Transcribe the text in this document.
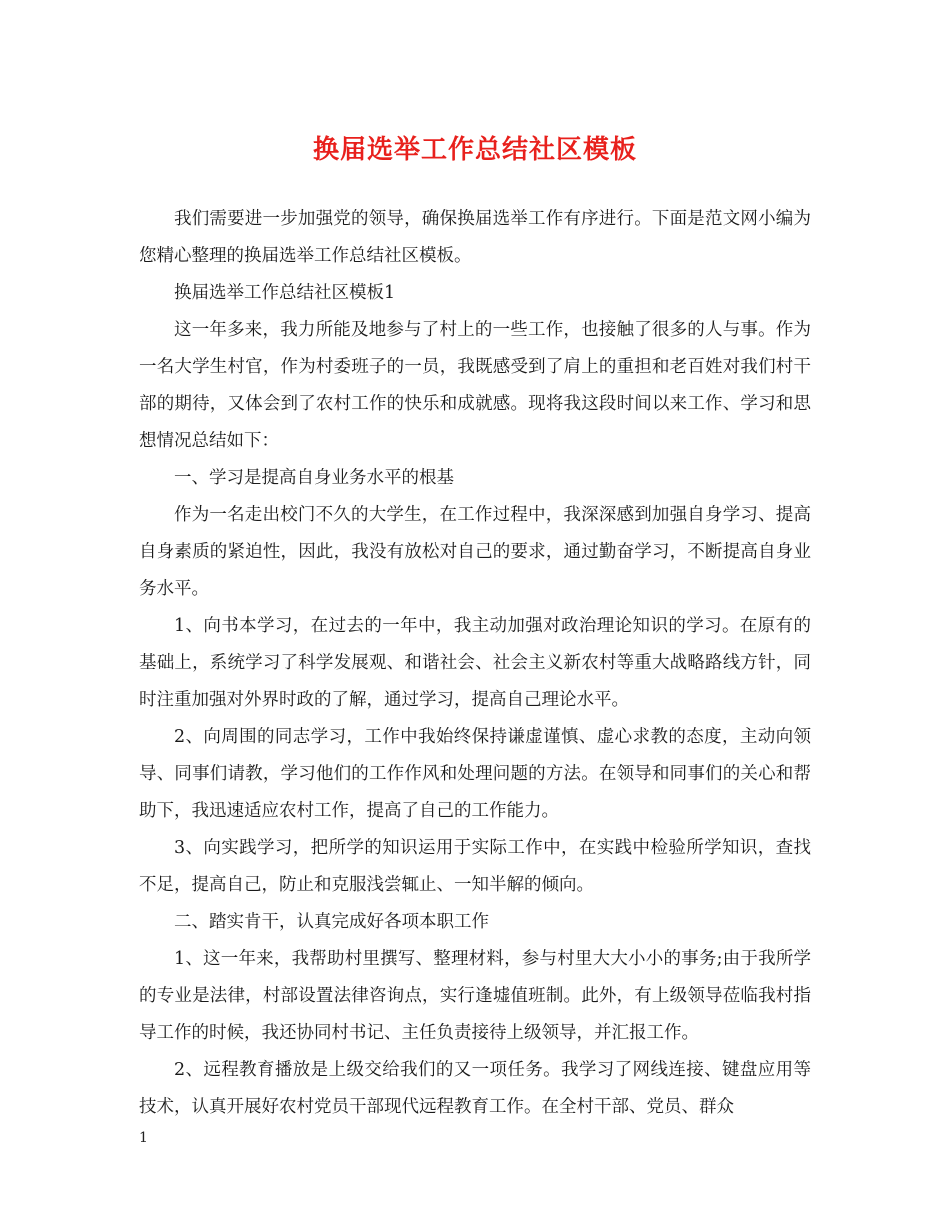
换届选举工作总结社区模板

我们需要进一步加强党的领导，确保换届选举工作有序进行。下面是范文网小编为您精心整理的换届选举工作总结社区模板。

换届选举工作总结社区模板1

这一年多来，我力所能及地参与了村上的一些工作，也接触了很多的人与事。作为一名大学生村官，作为村委班子的一员，我既感受到了肩上的重担和老百姓对我们村干部的期待，又体会到了农村工作的快乐和成就感。现将我这段时间以来工作、学习和思想情况总结如下：

一、学习是提高自身业务水平的根基

作为一名走出校门不久的大学生，在工作过程中，我深深感到加强自身学习、提高自身素质的紧迫性，因此，我没有放松对自己的要求，通过勤奋学习，不断提高自身业务水平。

1、向书本学习，在过去的一年中，我主动加强对政治理论知识的学习。在原有的基础上，系统学习了科学发展观、和谐社会、社会主义新农村等重大战略路线方针，同时注重加强对外界时政的了解，通过学习，提高自己理论水平。

2、向周围的同志学习，工作中我始终保持谦虚谨慎、虚心求教的态度，主动向领导、同事们请教，学习他们的工作作风和处理问题的方法。在领导和同事们的关心和帮助下，我迅速适应农村工作，提高了自己的工作能力。

3、向实践学习，把所学的知识运用于实际工作中，在实践中检验所学知识，查找不足，提高自己，防止和克服浅尝辄止、一知半解的倾向。

二、踏实肯干，认真完成好各项本职工作

1、这一年来，我帮助村里撰写、整理材料，参与村里大大小小的事务;由于我所学的专业是法律，村部设置法律咨询点，实行逢墟值班制。此外，有上级领导莅临我村指导工作的时候，我还协同村书记、主任负责接待上级领导，并汇报工作。

2、远程教育播放是上级交给我们的又一项任务。我学习了网线连接、键盘应用等技术，认真开展好农村党员干部现代远程教育工作。在全村干部、党员、群众

1
